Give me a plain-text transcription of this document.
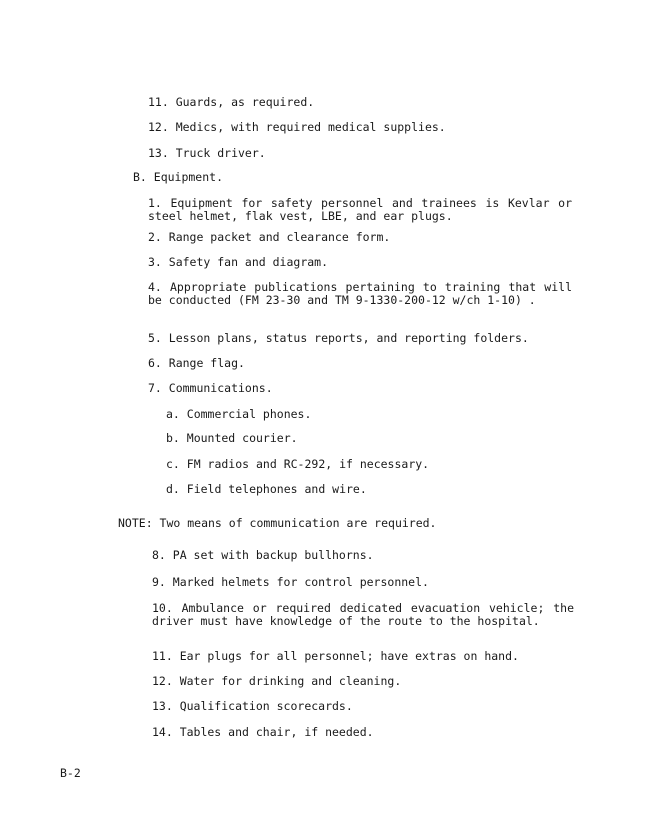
11. Guards, as required.
12. Medics, with required medical supplies.
13. Truck driver.
B. Equipment.
1. Equipment for safety personnel and trainees is Kevlar or steel helmet, flak vest, LBE, and ear plugs.
2. Range packet and clearance form.
3. Safety fan and diagram.
4. Appropriate publications pertaining to training that will be conducted (FM 23-30 and TM 9-1330-200-12 w/ch 1-10) .
5. Lesson plans, status reports, and reporting folders.
6. Range flag.
7. Communications.
a. Commercial phones.
b. Mounted courier.
c. FM radios and RC-292, if necessary.
d. Field telephones and wire.
NOTE: Two means of communication are required.
8. PA set with backup bullhorns.
9. Marked helmets for control personnel.
10. Ambulance or required dedicated evacuation vehicle; the driver must have knowledge of the route to the hospital.
11. Ear plugs for all personnel; have extras on hand.
12. Water for drinking and cleaning.
13. Qualification scorecards.
14. Tables and chair, if needed.
B-2
